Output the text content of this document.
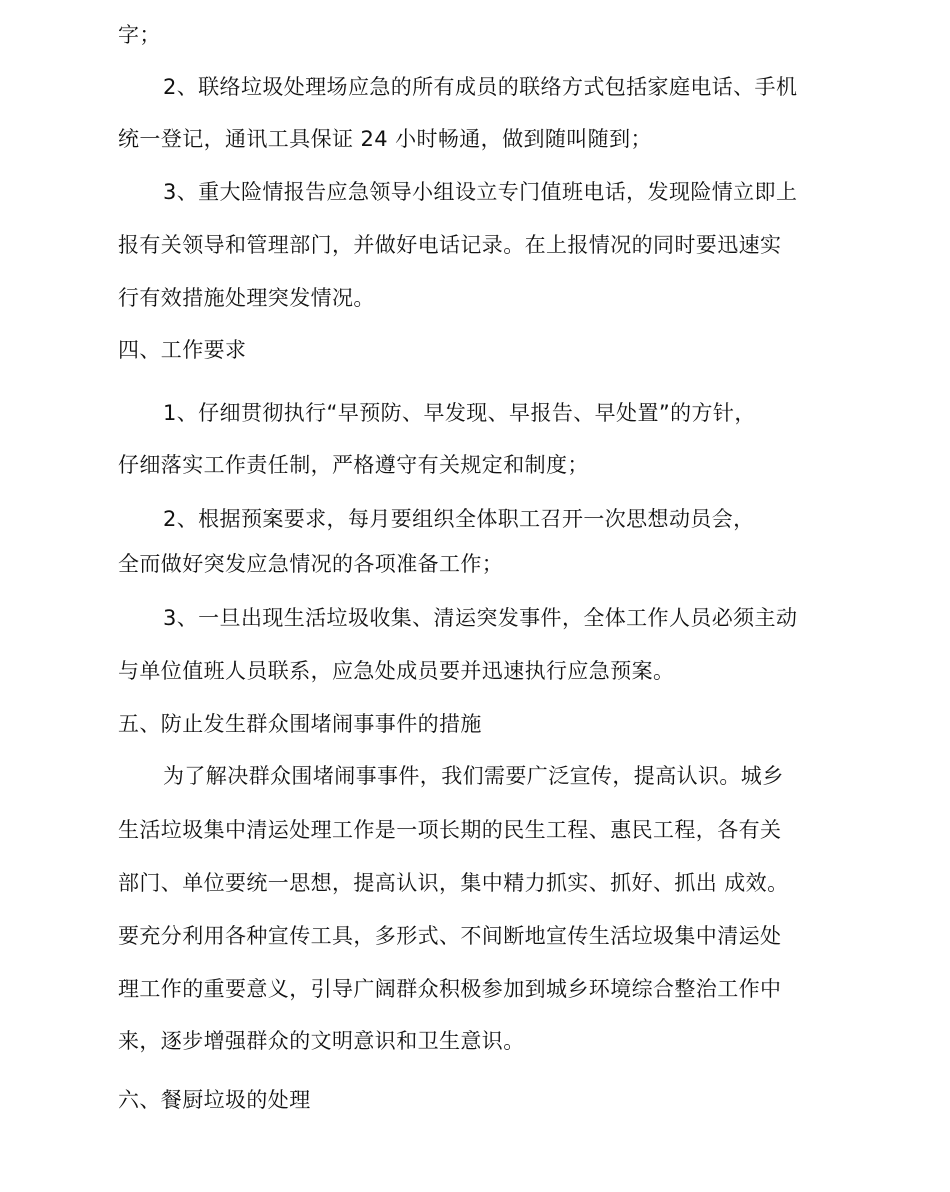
字；
2、联络垃圾处理场应急的所有成员的联络方式包括家庭电话、手机
统一登记，通讯工具保证 24 小时畅通，做到随叫随到；
3、重大险情报告应急领导小组设立专门值班电话，发现险情立即上
报有关领导和管理部门，并做好电话记录。在上报情况的同时要迅速实
行有效措施处理突发情况。
四、工作要求
1、仔细贯彻执行“早预防、早发现、早报告、早处置”的方针，
仔细落实工作责任制，严格遵守有关规定和制度；
2、根据预案要求，每月要组织全体职工召开一次思想动员会，
全而做好突发应急情况的各项准备工作；
3、一旦出现生活垃圾收集、清运突发事件，全体工作人员必须主动
与单位值班人员联系，应急处成员要并迅速执行应急预案。
五、防止发生群众围堵闹事事件的措施
为了解决群众围堵闹事事件，我们需要广泛宣传，提高认识。城乡
生活垃圾集中清运处理工作是一项长期的民生工程、惠民工程，各有关
部门、单位要统一思想，提高认识，集中精力抓实、抓好、抓出 成效。
要充分利用各种宣传工具，多形式、不间断地宣传生活垃圾集中清运处
理工作的重要意义，引导广阔群众积极参加到城乡环境综合整治工作中
来，逐步增强群众的文明意识和卫生意识。
六、餐厨垃圾的处理
